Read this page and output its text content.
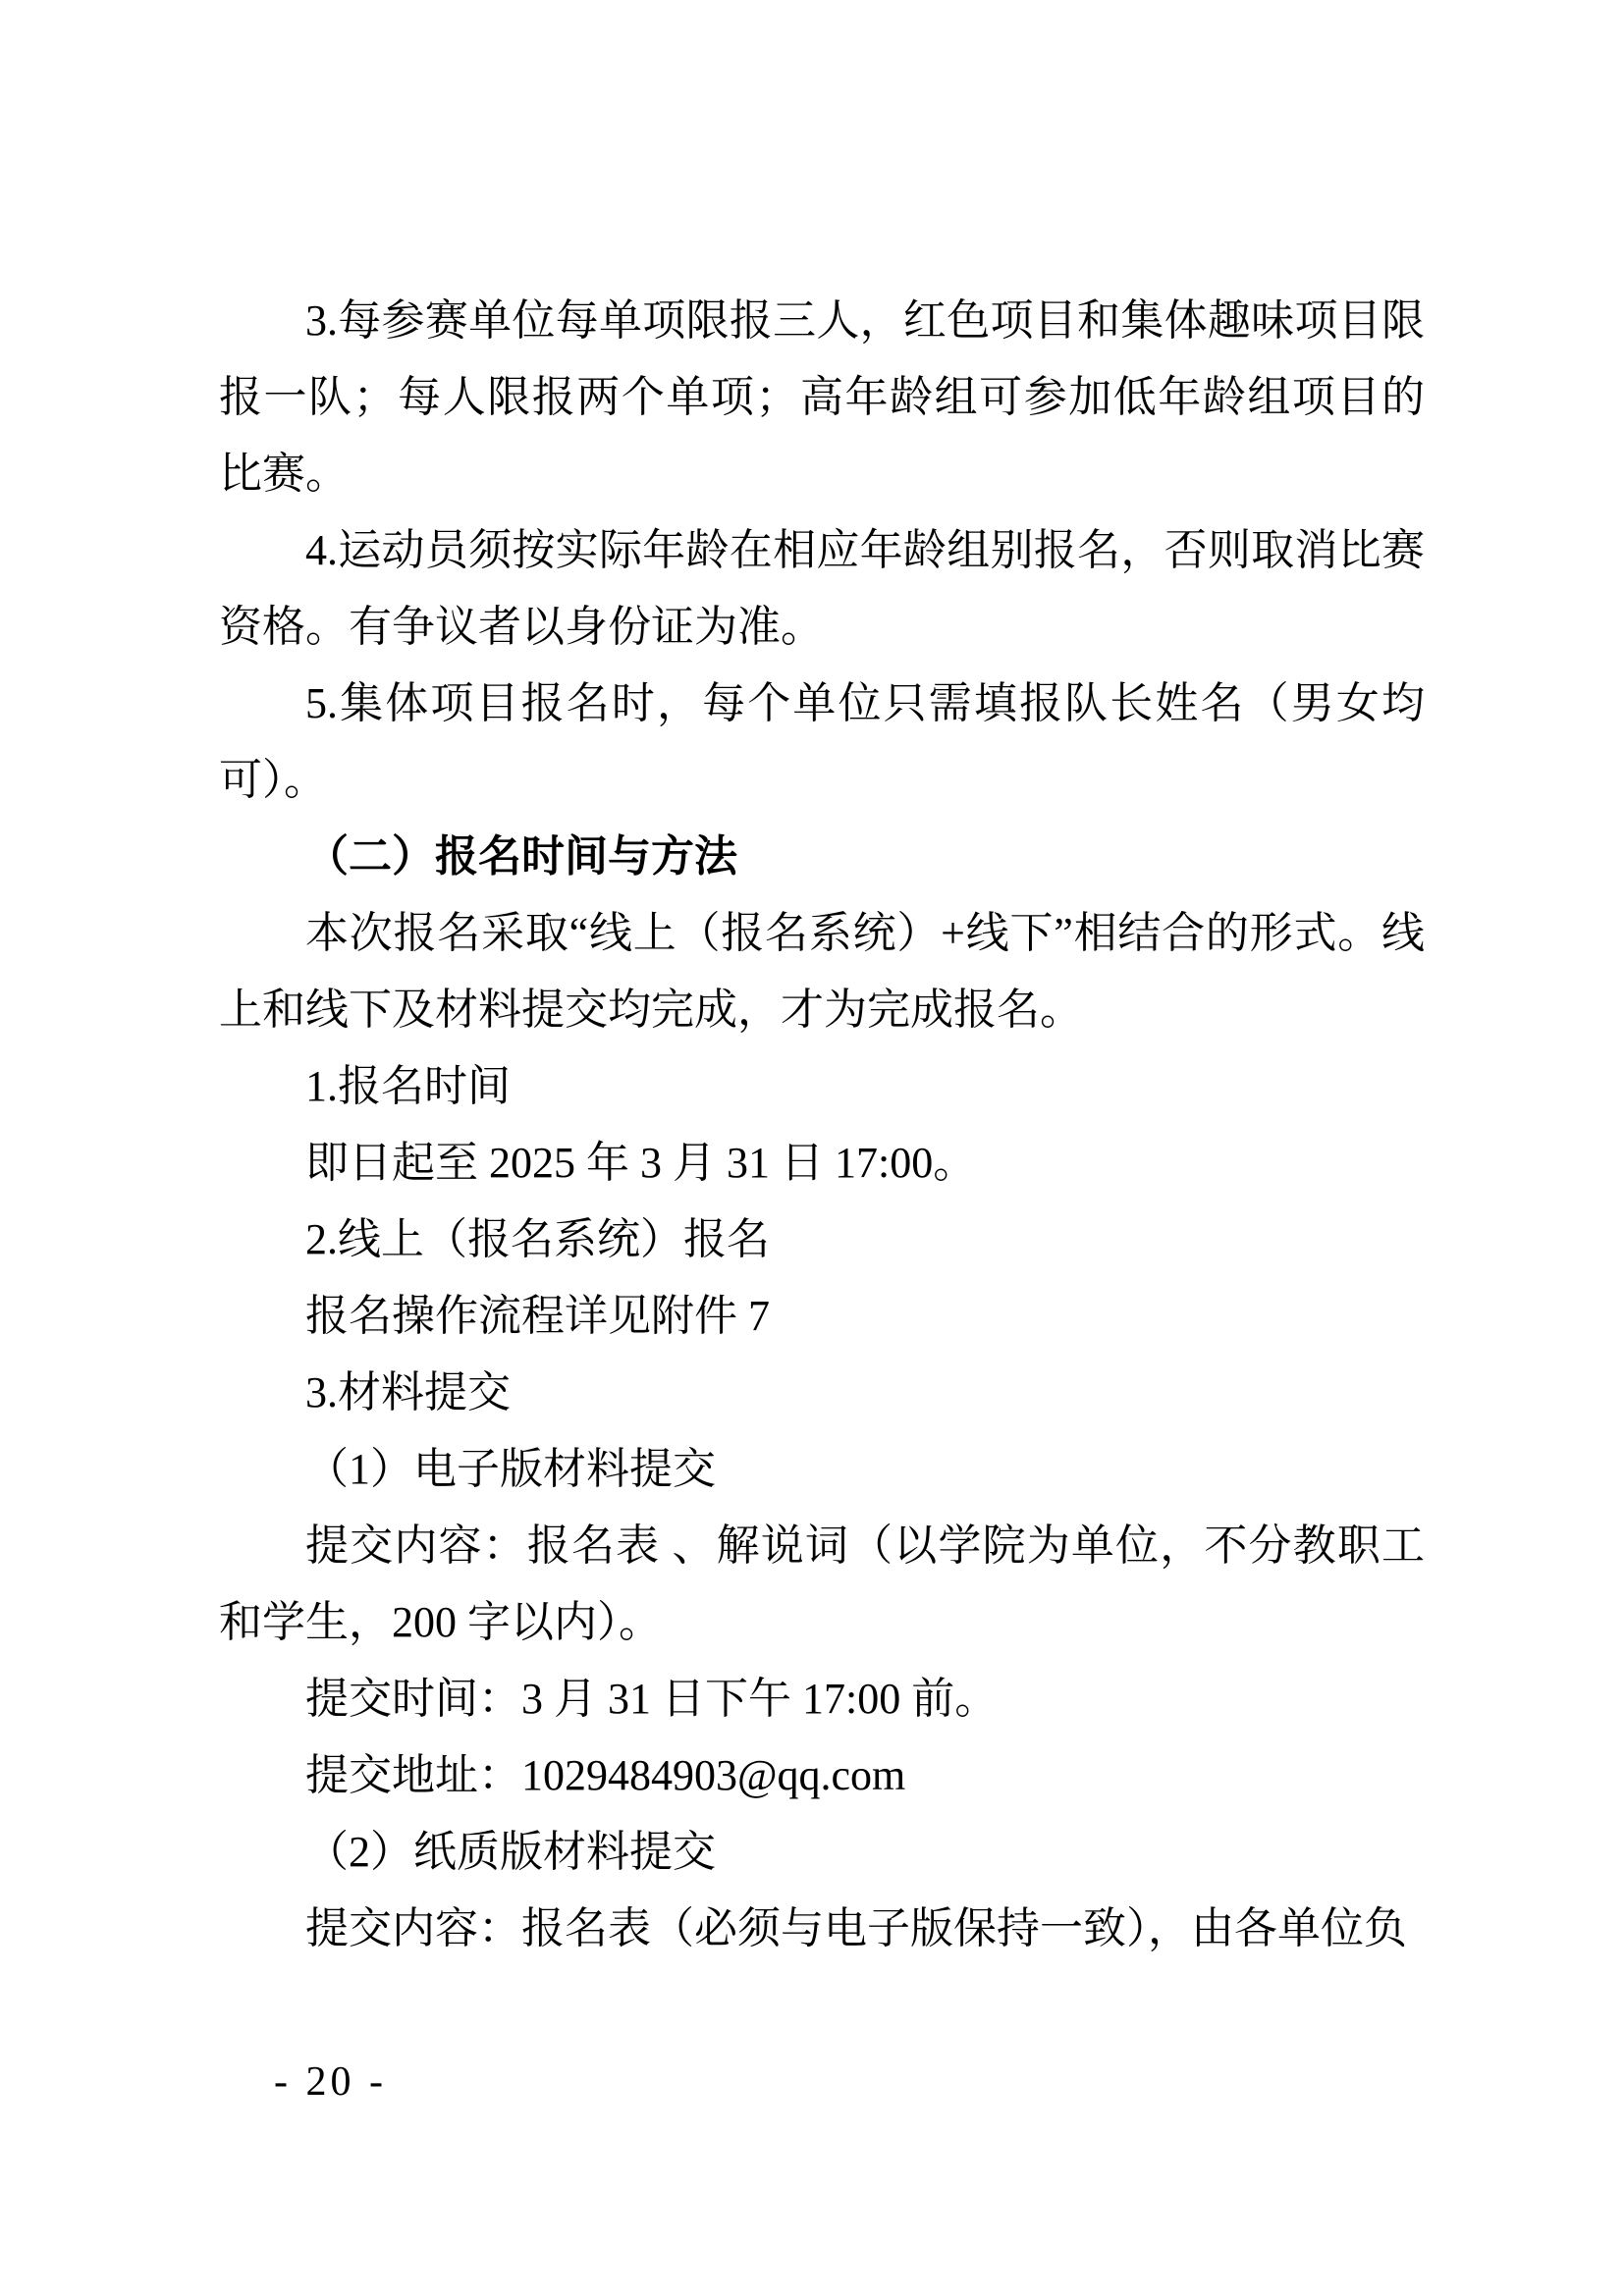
3.每参赛单位每单项限报三人，红色项目和集体趣味项目限报一队；每人限报两个单项；高年龄组可参加低年龄组项目的比赛。

4.运动员须按实际年龄在相应年龄组别报名，否则取消比赛资格。有争议者以身份证为准。

5.集体项目报名时，每个单位只需填报队长姓名（男女均可）。

（二）报名时间与方法

本次报名采取“线上（报名系统）+线下”相结合的形式。线上和线下及材料提交均完成，才为完成报名。

1.报名时间

即日起至 2025 年 3 月 31 日 17:00。

2.线上（报名系统）报名

报名操作流程详见附件 7

3.材料提交

（1）电子版材料提交

提交内容：报名表 、解说词（以学院为单位，不分教职工和学生，200 字以内）。

提交时间：3 月 31 日下午 17:00 前。

提交地址：1029484903@qq.com

（2）纸质版材料提交

提交内容：报名表（必须与电子版保持一致），由各单位负

- 20 -
